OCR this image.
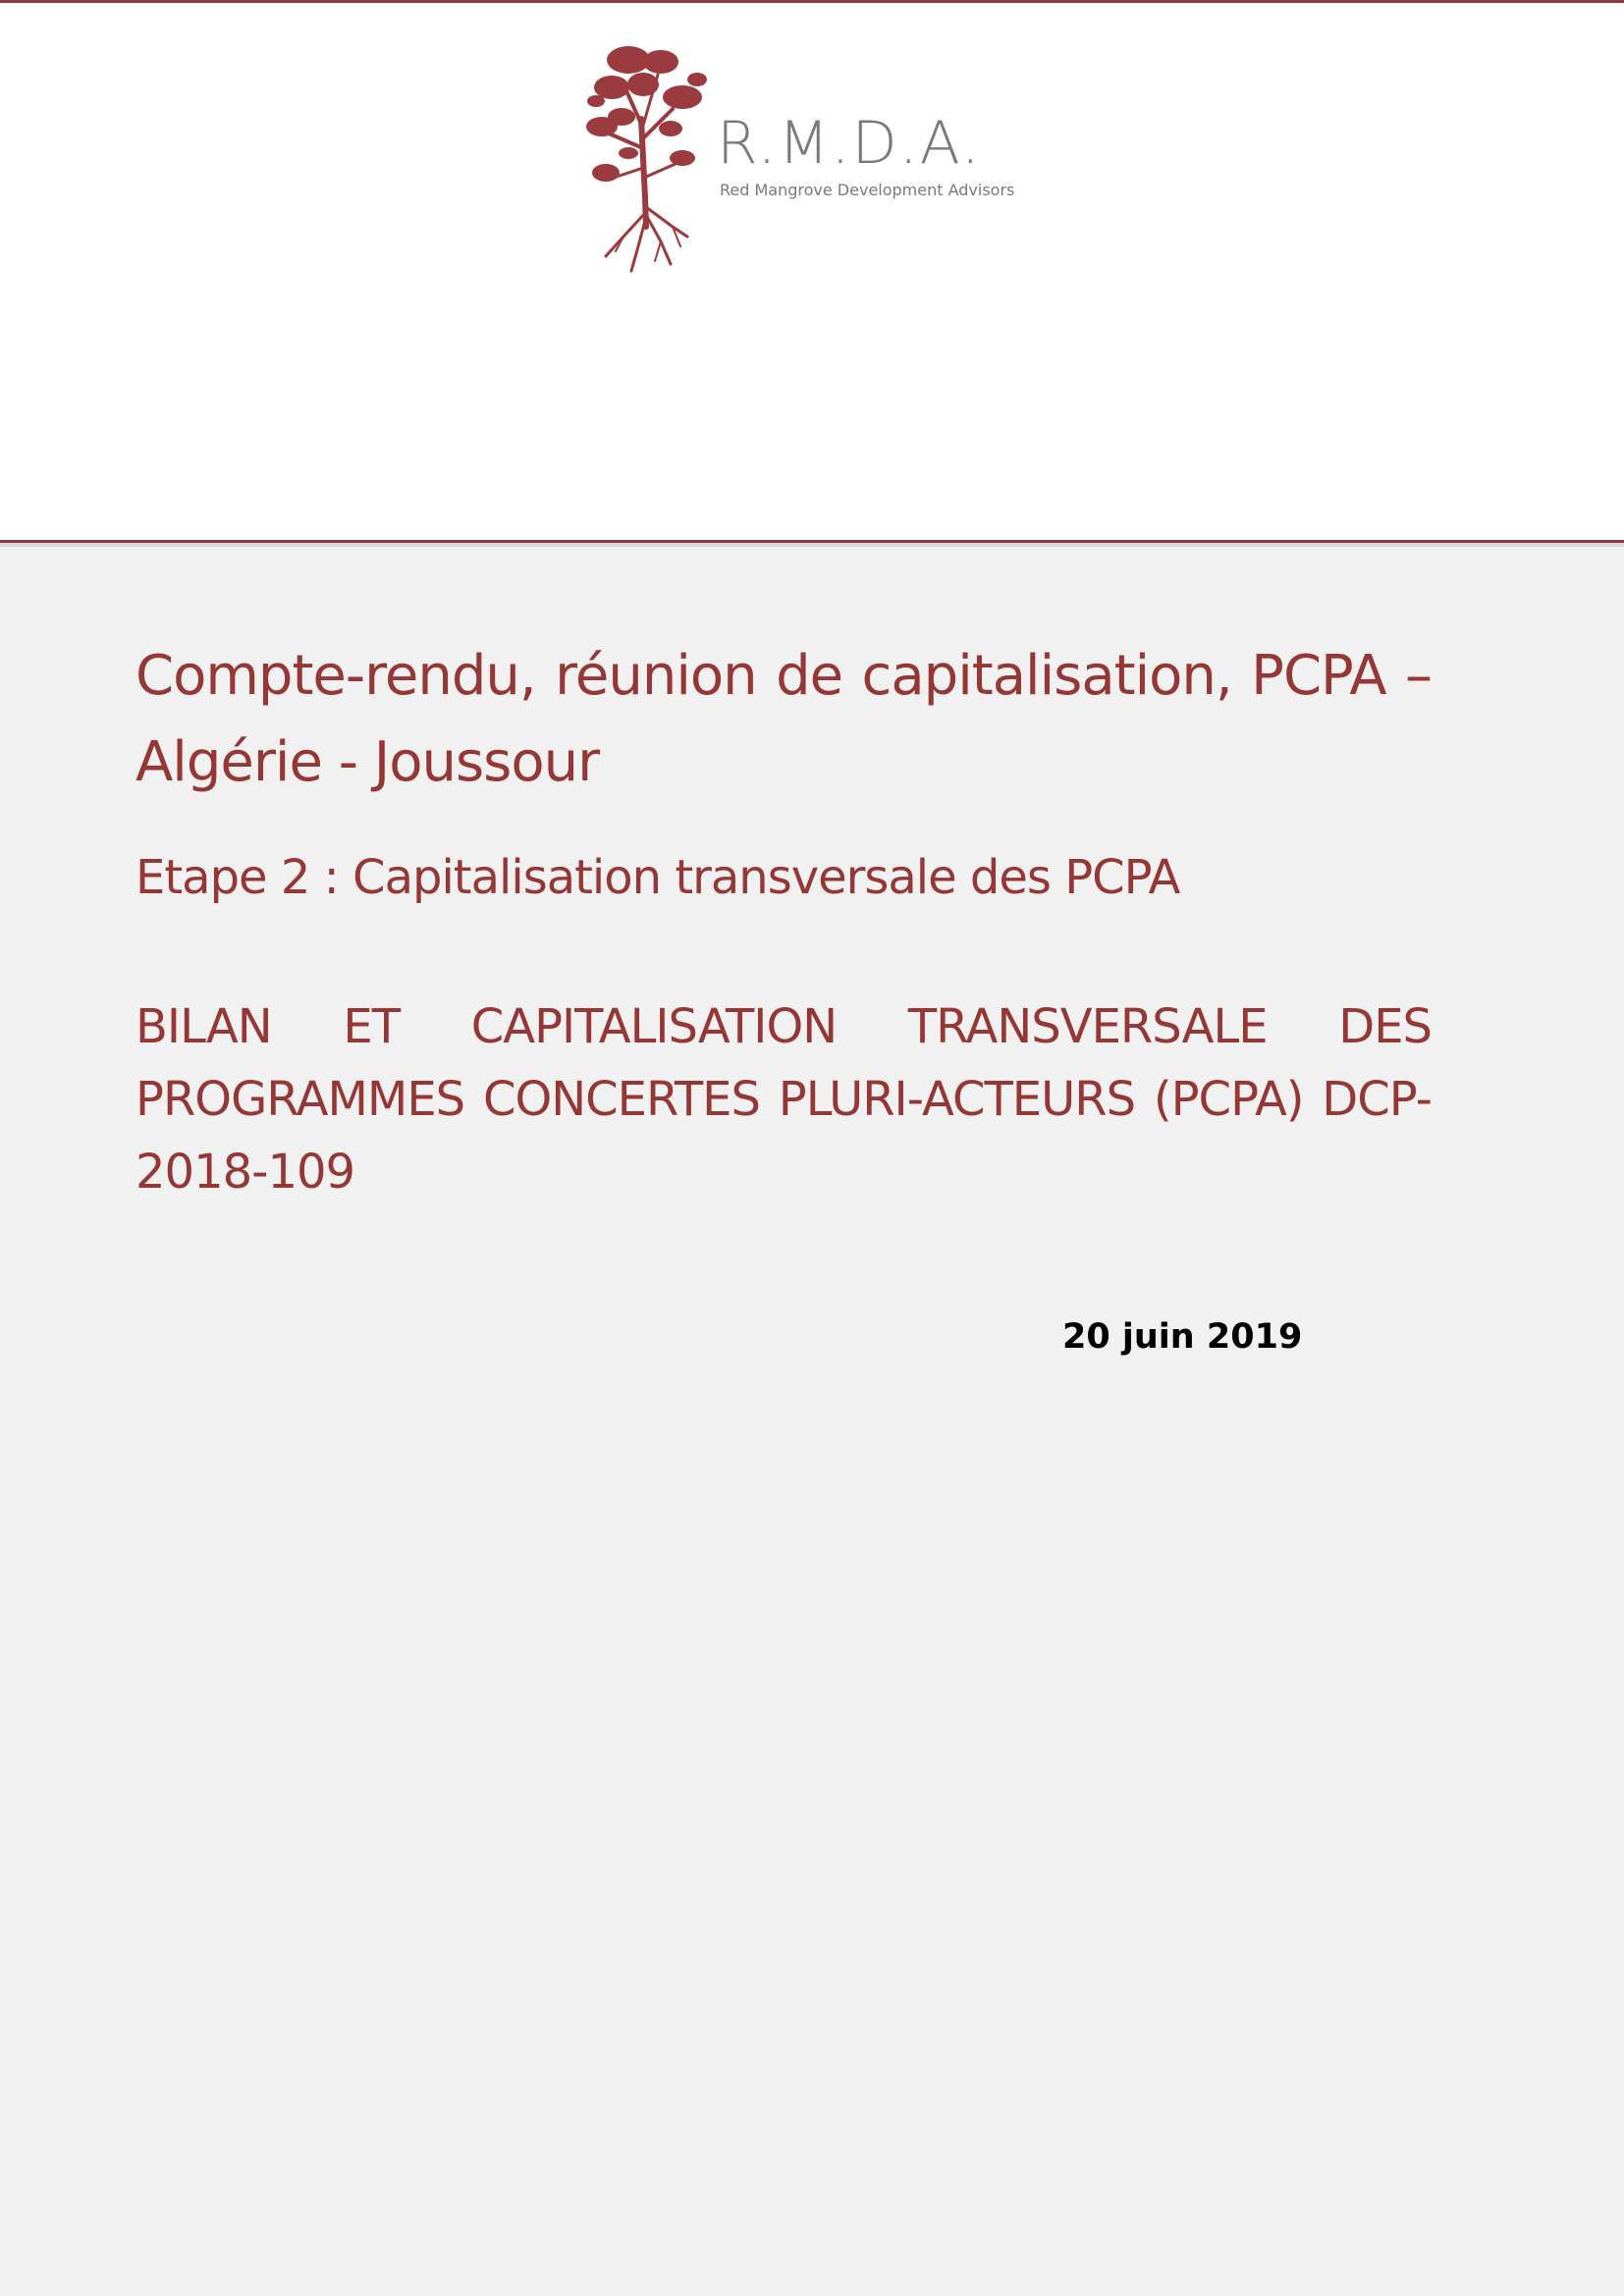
R.M.D.A.
Red Mangrove Development Advisors
Compte-rendu, réunion de capitalisation, PCPA – Algérie - Joussour
Etape 2 : Capitalisation transversale des PCPA
BILAN ET CAPITALISATION TRANSVERSALE DES PROGRAMMES CONCERTES PLURI-ACTEURS (PCPA) DCP-2018-109
20 juin 2019
